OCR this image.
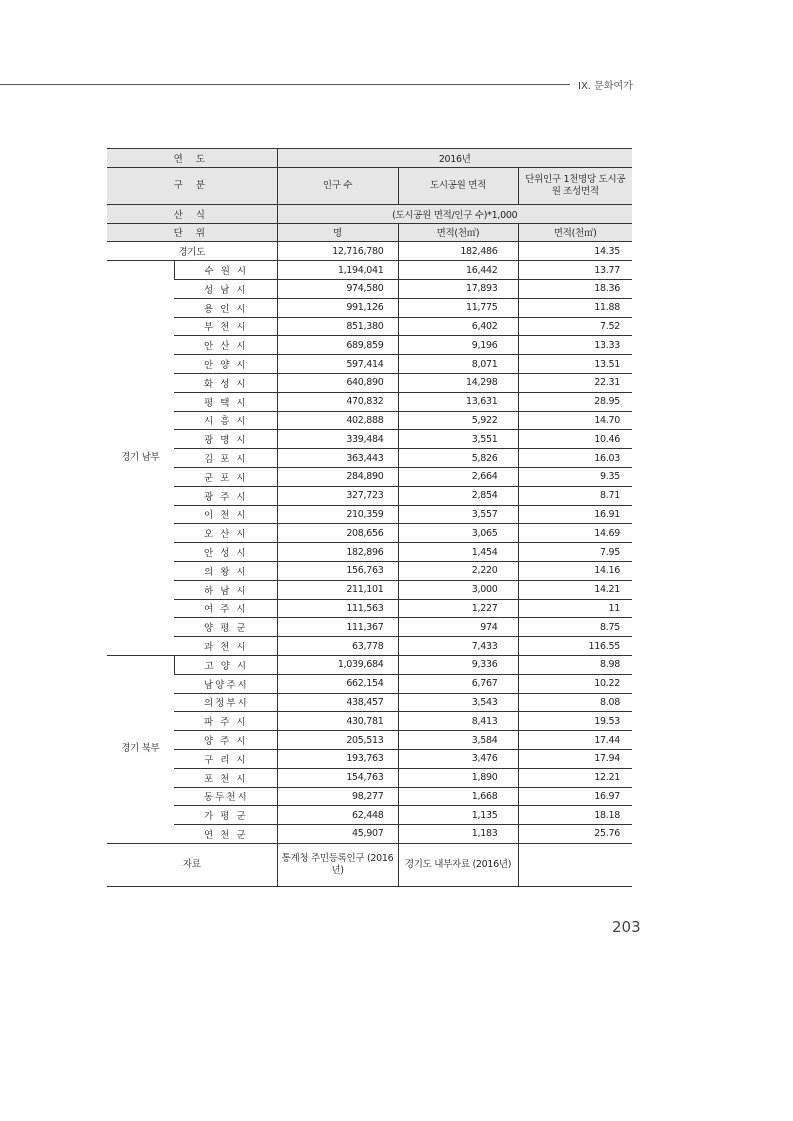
IX. 문화여가
연 도		2016년		
구 분		인구 수	도시공원 면적	단위인구 1천명당 도시공원 조성면적
산 식		(도시공원 면적/인구 수)*1,000		
단 위		명	면적(천㎡)	면적(천㎡)
경기도		12,716,780	182,486	14.35
경기 남부	수 원 시	1,194,041	16,442	13.77
	성 남 시	974,580	17,893	18.36
	용 인 시	991,126	11,775	11.88
	부 천 시	851,380	6,402	7.52
	안 산 시	689,859	9,196	13.33
	안 양 시	597,414	8,071	13.51
	화 성 시	640,890	14,298	22.31
	평 택 시	470,832	13,631	28.95
	시 흥 시	402,888	5,922	14.70
	광 명 시	339,484	3,551	10.46
	김 포 시	363,443	5,826	16.03
	군 포 시	284,890	2,664	9.35
	광 주 시	327,723	2,854	8.71
	이 천 시	210,359	3,557	16.91
	오 산 시	208,656	3,065	14.69
	안 성 시	182,896	1,454	7.95
	의 왕 시	156,763	2,220	14.16
	하 남 시	211,101	3,000	14.21
	여 주 시	111,563	1,227	11
	양 평 군	111,367	974	8.75
	과 천 시	63,778	7,433	116.55
경기 북부	고 양 시	1,039,684	9,336	8.98
	남양주시	662,154	6,767	10.22
	의정부시	438,457	3,543	8.08
	파 주 시	430,781	8,413	19.53
	양 주 시	205,513	3,584	17.44
	구 리 시	193,763	3,476	17.94
	포 천 시	154,763	1,890	12.21
	동두천시	98,277	1,668	16.97
	가 평 군	62,448	1,135	18.18
	연 천 군	45,907	1,183	25.76
자료		통계청 주민등록인구 (2016년)	경기도 내부자료 (2016년)	
203
